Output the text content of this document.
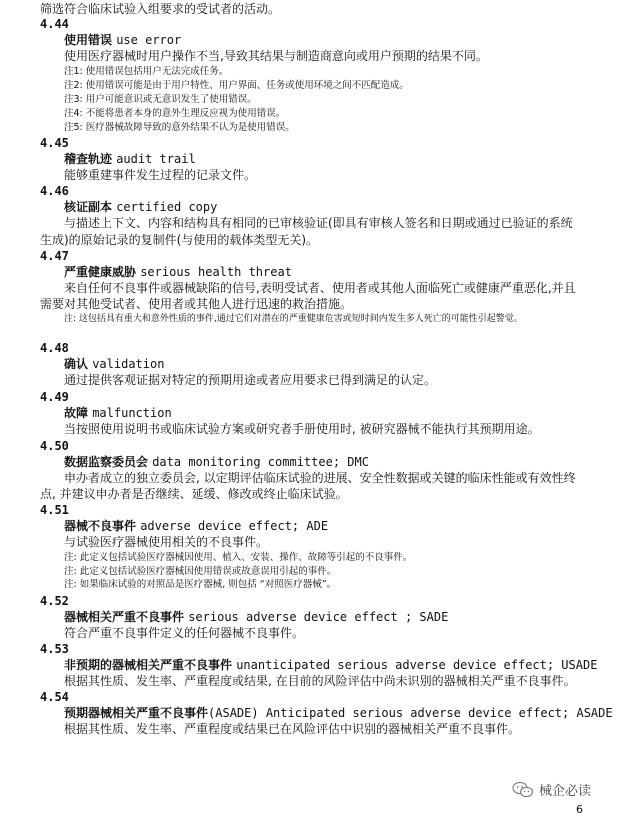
筛选符合临床试验入组要求的受试者的活动。
4.44
使用错误 use error
使用医疗器械时用户操作不当,导致其结果与制造商意向或用户预期的结果不同。
注1: 使用错误包括用户无法完成任务。
注2: 使用错误可能是由于用户特性、用户界面、任务或使用环境之间不匹配造成。
注3: 用户可能意识或无意识发生了使用错误。
注4: 不能将患者本身的意外生理反应视为使用错误。
注5: 医疗器械故障导致的意外结果不认为是使用错误。
4.45
稽查轨迹 audit trail
能够重建事件发生过程的记录文件。
4.46
核证副本 certified copy
与描述上下文、内容和结构具有相同的已审核验证(即具有审核人签名和日期或通过已验证的系统
生成)的原始记录的复制件(与使用的载体类型无关)。
4.47
严重健康威胁 serious health threat
来自任何不良事件或器械缺陷的信号,表明受试者、使用者或其他人面临死亡或健康严重恶化,并且
需要对其他受试者、使用者或其他人进行迅速的救治措施。
注: 这包括具有重大和意外性质的事件,通过它们对潜在的严重健康危害或短时间内发生多人死亡的可能性引起警觉。
4.48
确认 validation
通过提供客观证据对特定的预期用途或者应用要求已得到满足的认定。
4.49
故障 malfunction
当按照使用说明书或临床试验方案或研究者手册使用时, 被研究器械不能执行其预期用途。
4.50
数据监察委员会 data monitoring committee; DMC
申办者成立的独立委员会, 以定期评估临床试验的进展、安全性数据或关键的临床性能或有效性终
点, 并建议申办者是否继续、延缓、修改或终止临床试验。
4.51
器械不良事件 adverse device effect; ADE
与试验医疗器械使用相关的不良事件。
注: 此定义包括试验医疗器械因使用、植入、安装、操作、故障等引起的不良事件。
注: 此定义包括试验医疗器械因使用错误或故意误用引起的事件。
注: 如果临床试验的对照品是医疗器械, 则包括 “对照医疗器械”。
4.52
器械相关严重不良事件 serious adverse device effect ; SADE
符合严重不良事件定义的任何器械不良事件。
4.53
非预期的器械相关严重不良事件 unanticipated serious adverse device effect; USADE
根据其性质、发生率、严重程度或结果, 在目前的风险评估中尚未识别的器械相关严重不良事件。
4.54
预期器械相关严重不良事件(ASADE) Anticipated serious adverse device effect; ASADE
根据其性质、发生率、严重程度或结果已在风险评估中识别的器械相关严重不良事件。
械企必读
6
